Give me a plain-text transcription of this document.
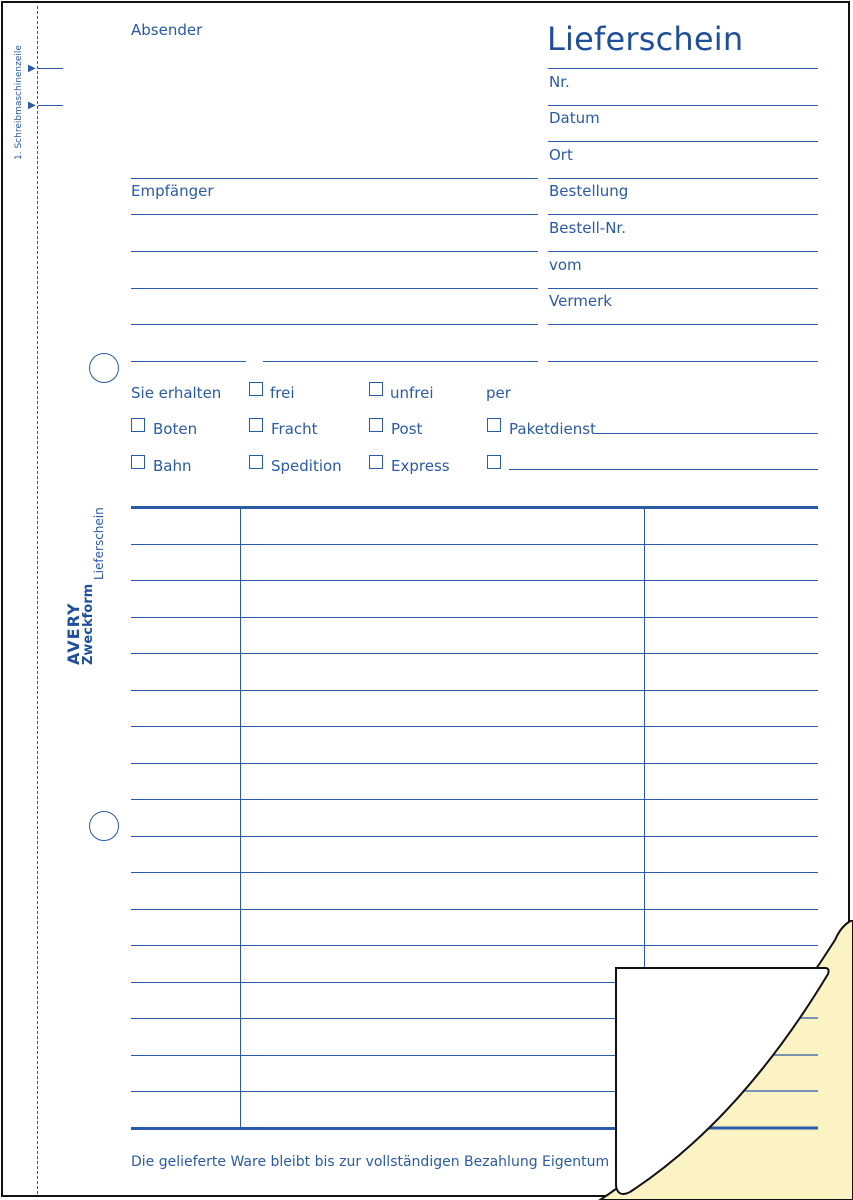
1. Schreibmaschinenzeile ▶
▶
Lieferschein
AVERY
Zweckform
Absender	Lieferschein
Nr.
Datum
Ort
Bestellung
Bestell-Nr.
vom
Vermerk
Empfänger
Sie erhalten	frei	unfrei	per
Boten	Fracht	Post	Paketdienst
Bahn	Spedition	Express
Die gelieferte Ware bleibt bis zur vollständigen Bezahlung Eigentum
